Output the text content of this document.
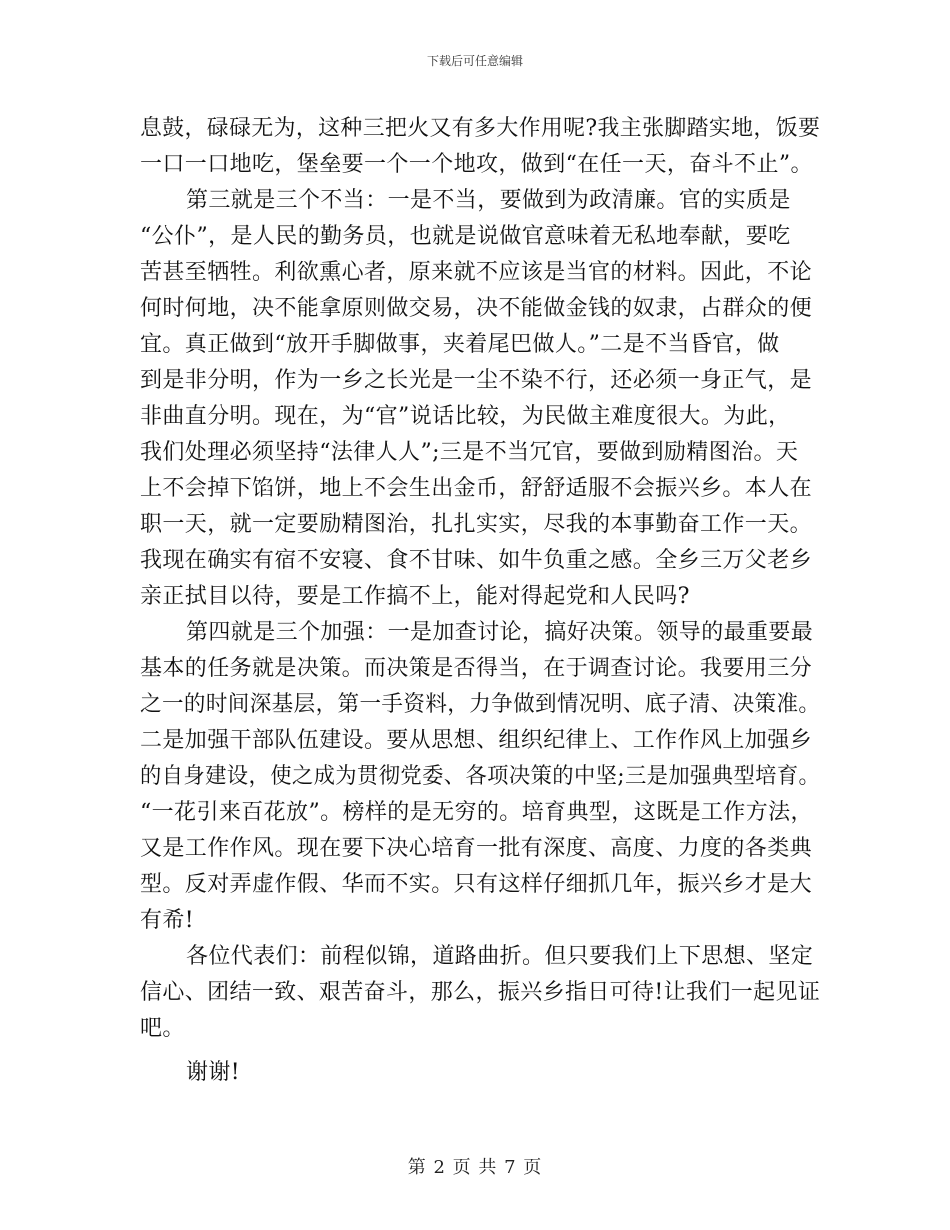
下载后可任意编辑
息鼓，碌碌无为，这种三把火又有多大作用呢?我主张脚踏实地，饭要
一口一口地吃，堡垒要一个一个地攻，做到“在任一天，奋斗不止”。
第三就是三个不当：一是不当，要做到为政清廉。官的实质是
“公仆”，是人民的勤务员，也就是说做官意味着无私地奉献，要吃
苦甚至牺牲。利欲熏心者，原来就不应该是当官的材料。因此，不论
何时何地，决不能拿原则做交易，决不能做金钱的奴隶，占群众的便
宜。真正做到“放开手脚做事，夹着尾巴做人。”二是不当昏官，做
到是非分明，作为一乡之长光是一尘不染不行，还必须一身正气，是
非曲直分明。现在，为“官”说话比较，为民做主难度很大。为此，
我们处理必须坚持“法律人人”;三是不当冗官，要做到励精图治。天
上不会掉下馅饼，地上不会生出金币，舒舒适服不会振兴乡。本人在
职一天，就一定要励精图治，扎扎实实，尽我的本事勤奋工作一天。
我现在确实有宿不安寝、食不甘味、如牛负重之感。全乡三万父老乡
亲正拭目以待，要是工作搞不上，能对得起党和人民吗?
第四就是三个加强：一是加查讨论，搞好决策。领导的最重要最
基本的任务就是决策。而决策是否得当，在于调查讨论。我要用三分
之一的时间深基层，第一手资料，力争做到情况明、底子清、决策准。
二是加强干部队伍建设。要从思想、组织纪律上、工作作风上加强乡
的自身建设，使之成为贯彻党委、各项决策的中坚;三是加强典型培育。
“一花引来百花放”。榜样的是无穷的。培育典型，这既是工作方法，
又是工作作风。现在要下决心培育一批有深度、高度、力度的各类典
型。反对弄虚作假、华而不实。只有这样仔细抓几年，振兴乡才是大
有希!
各位代表们：前程似锦，道路曲折。但只要我们上下思想、坚定
信心、团结一致、艰苦奋斗，那么，振兴乡指日可待!让我们一起见证
吧。
谢谢!
第 2 页 共 7 页
